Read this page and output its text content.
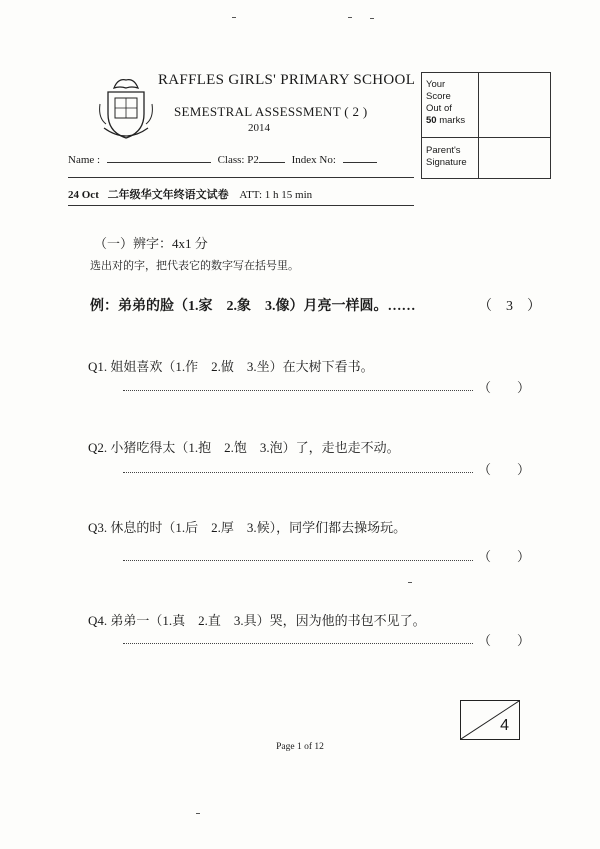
RAFFLES GIRLS' PRIMARY SCHOOL
SEMESTRAL ASSESSMENT ( 2 )
2014
Your
Score
Out of
50 marks
Parent's
Signature
Name :	Class: P2	Index No:
24 Oct 二年级华文年终语文试卷 ATT: 1 h 15 min
（一）辨字：4x1 分
选出对的字，把代表它的数字写在括号里。
例：弟弟的脸（1.家　2.象　3.像）月亮一样圆。……	（　3　）
Q1. 姐姐喜欢（1.作　2.做　3.坐）在大树下看书。
（　　）
Q2. 小猪吃得太（1.抱　2.饱　3.泡）了，走也走不动。
（　　）
Q3. 休息的时（1.后　2.厚　3.候），同学们都去操场玩。
（　　）
Q4. 弟弟一（1.真　2.直　3.具）哭，因为他的书包不见了。
（　　）
4
Page 1 of 12
